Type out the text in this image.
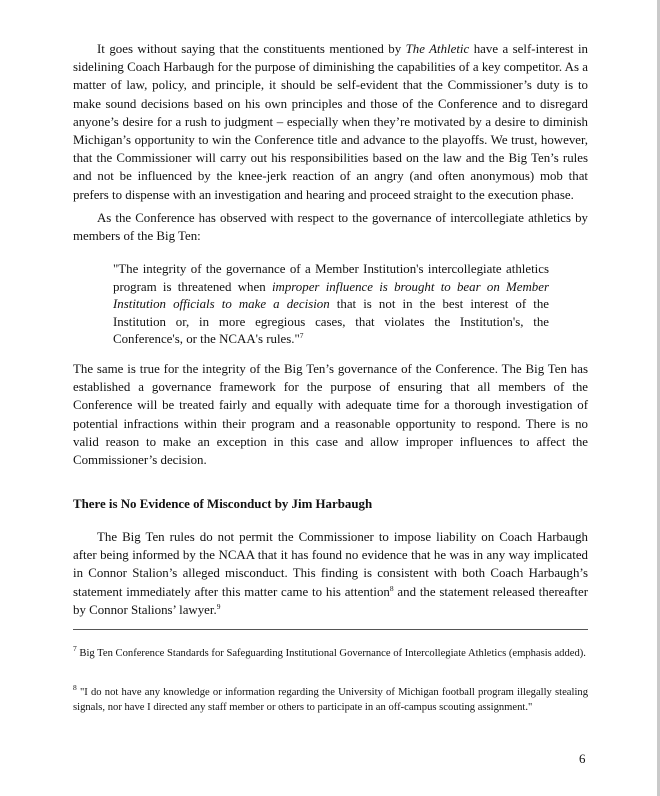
It goes without saying that the constituents mentioned by The Athletic have a self-interest in sidelining Coach Harbaugh for the purpose of diminishing the capabilities of a key competitor. As a matter of law, policy, and principle, it should be self-evident that the Commissioner’s duty is to make sound decisions based on his own principles and those of the Conference and to disregard anyone’s desire for a rush to judgment – especially when they’re motivated by a desire to diminish Michigan’s opportunity to win the Conference title and advance to the playoffs. We trust, however, that the Commissioner will carry out his responsibilities based on the law and the Big Ten’s rules and not be influenced by the knee-jerk reaction of an angry (and often anonymous) mob that prefers to dispense with an investigation and hearing and proceed straight to the execution phase.

As the Conference has observed with respect to the governance of intercollegiate athletics by members of the Big Ten:

"The integrity of the governance of a Member Institution's intercollegiate athletics program is threatened when improper influence is brought to bear on Member Institution officials to make a decision that is not in the best interest of the Institution or, in more egregious cases, that violates the Institution's, the Conference's, or the NCAA's rules."$^7$

The same is true for the integrity of the Big Ten’s governance of the Conference. The Big Ten has established a governance framework for the purpose of ensuring that all members of the Conference will be treated fairly and equally with adequate time for a thorough investigation of potential infractions within their program and a reasonable opportunity to respond. There is no valid reason to make an exception in this case and allow improper influences to affect the Commissioner’s decision.

There is No Evidence of Misconduct by Jim Harbaugh

The Big Ten rules do not permit the Commissioner to impose liability on Coach Harbaugh after being informed by the NCAA that it has found no evidence that he was in any way implicated in Connor Stalion’s alleged misconduct. This finding is consistent with both Coach Harbaugh’s statement immediately after this matter came to his attention$^8$ and the statement released thereafter by Connor Stalions’ lawyer.$^9$

$^7$ Big Ten Conference Standards for Safeguarding Institutional Governance of Intercollegiate Athletics (emphasis added).

$^8$ "I do not have any knowledge or information regarding the University of Michigan football program illegally stealing signals, nor have I directed any staff member or others to participate in an off-campus scouting assignment."

6
